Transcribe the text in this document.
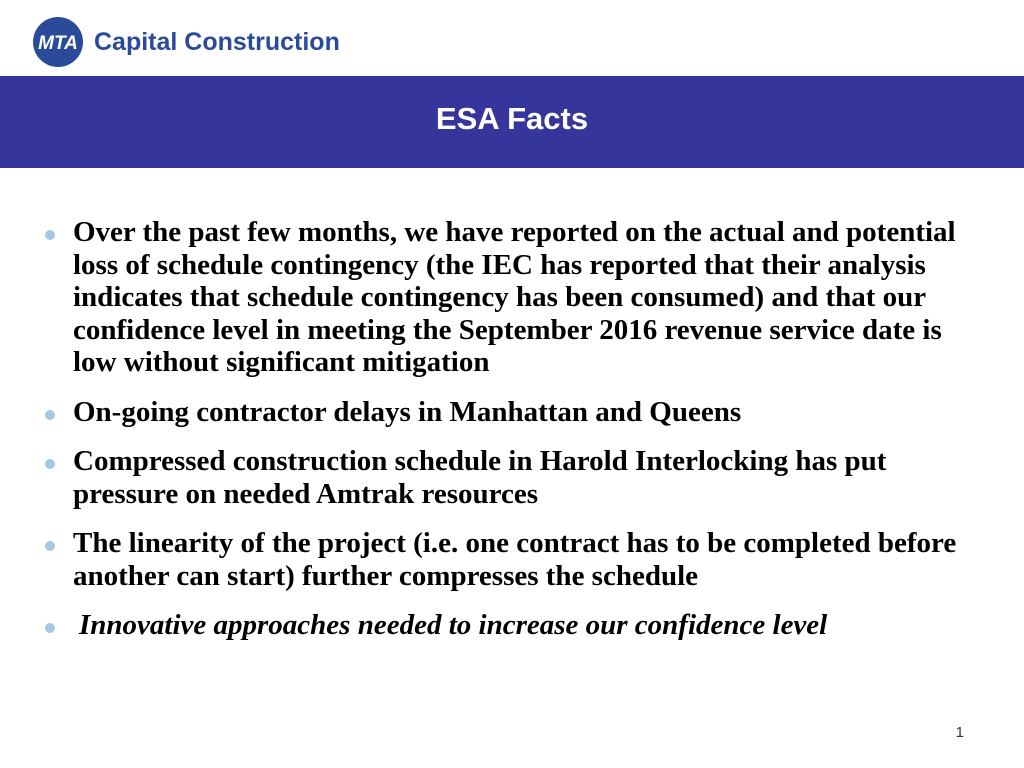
MTA Capital Construction
ESA Facts
Over the past few months, we have reported on the actual and potential loss of schedule contingency (the IEC has reported that their analysis indicates that schedule contingency has been consumed) and that our confidence level in meeting the September 2016 revenue service date is low without significant mitigation
On-going contractor delays in Manhattan and Queens
Compressed construction schedule in Harold Interlocking has put pressure on needed Amtrak resources
The linearity of the project (i.e. one contract has to be completed before another can start) further compresses the schedule
Innovative approaches needed to increase our confidence level
1
